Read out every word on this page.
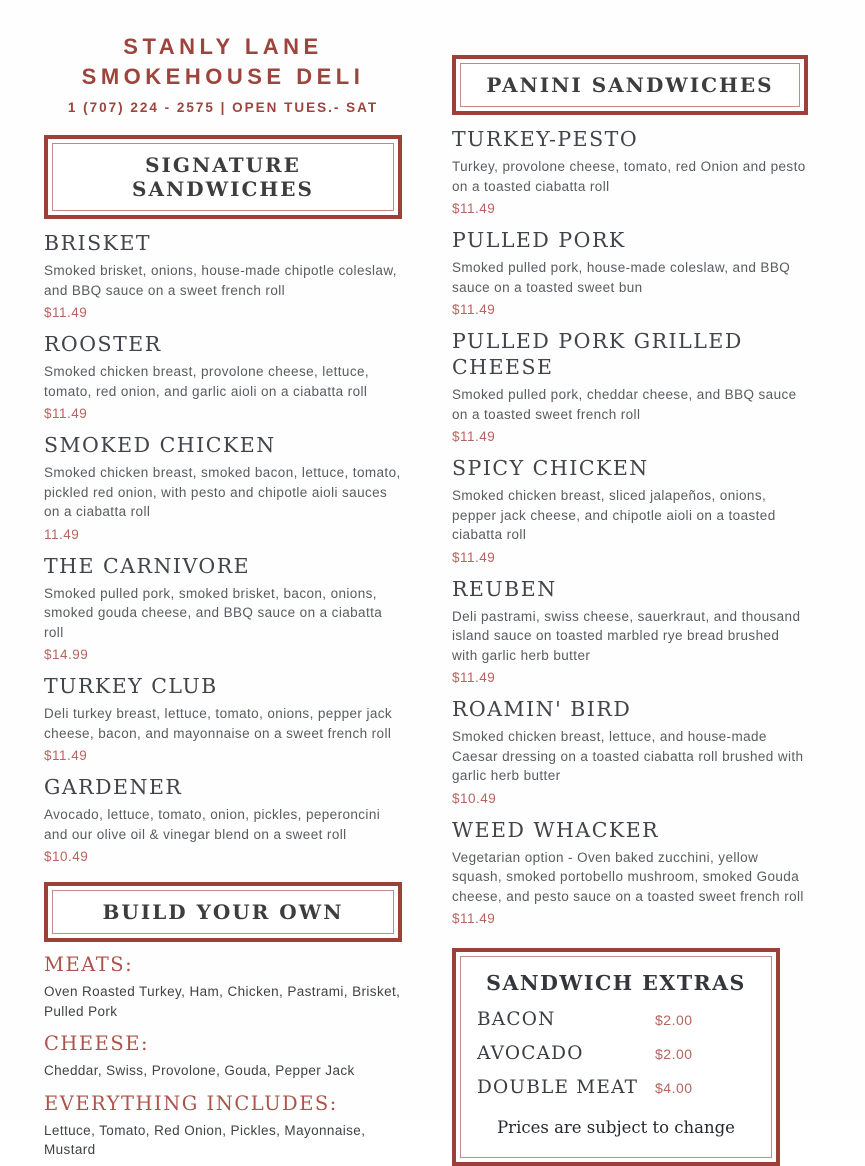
STANLY LANE
SMOKEHOUSE DELI
1 (707) 224 - 2575 | OPEN TUES.- SAT
SIGNATURE SANDWICHES
BRISKET
Smoked brisket, onions, house-made chipotle coleslaw, and BBQ sauce on a sweet french roll
$11.49
ROOSTER
Smoked chicken breast, provolone cheese, lettuce, tomato, red onion, and garlic aioli on a ciabatta roll
$11.49
SMOKED CHICKEN
Smoked chicken breast, smoked bacon, lettuce, tomato, pickled red onion, with pesto and chipotle aioli sauces on a ciabatta roll
11.49
THE CARNIVORE
Smoked pulled pork, smoked brisket, bacon, onions, smoked gouda cheese, and BBQ sauce on a ciabatta roll
$14.99
TURKEY CLUB
Deli turkey breast, lettuce, tomato, onions, pepper jack cheese, bacon, and mayonnaise on a sweet french roll
$11.49
GARDENER
Avocado, lettuce, tomato, onion, pickles, peperoncini and our olive oil & vinegar blend on a sweet roll
$10.49
BUILD YOUR OWN
MEATS:
Oven Roasted Turkey, Ham, Chicken, Pastrami, Brisket, Pulled Pork
CHEESE:
Cheddar, Swiss, Provolone, Gouda, Pepper Jack
EVERYTHING INCLUDES:
Lettuce, Tomato, Red Onion, Pickles, Mayonnaise, Mustard
PANINI SANDWICHES
TURKEY-PESTO
Turkey, provolone cheese, tomato, red Onion and pesto on a toasted ciabatta roll
$11.49
PULLED PORK
Smoked pulled pork, house-made coleslaw, and BBQ sauce on a toasted sweet bun
$11.49
PULLED PORK GRILLED CHEESE
Smoked pulled pork, cheddar cheese, and BBQ sauce on a toasted sweet french roll
$11.49
SPICY CHICKEN
Smoked chicken breast, sliced jalapeños, onions, pepper jack cheese, and chipotle aioli on a toasted ciabatta roll
$11.49
REUBEN
Deli pastrami, swiss cheese, sauerkraut, and thousand island sauce on toasted marbled rye bread brushed with garlic herb butter
$11.49
ROAMIN' BIRD
Smoked chicken breast, lettuce, and house-made Caesar dressing on a toasted ciabatta roll brushed with garlic herb butter
$10.49
WEED WHACKER
Vegetarian option - Oven baked zucchini, yellow squash, smoked portobello mushroom, smoked Gouda cheese, and pesto sauce on a toasted sweet french roll
$11.49
SANDWICH EXTRAS
BACON	$2.00
AVOCADO	$2.00
DOUBLE MEAT	$4.00
Prices are subject to change
